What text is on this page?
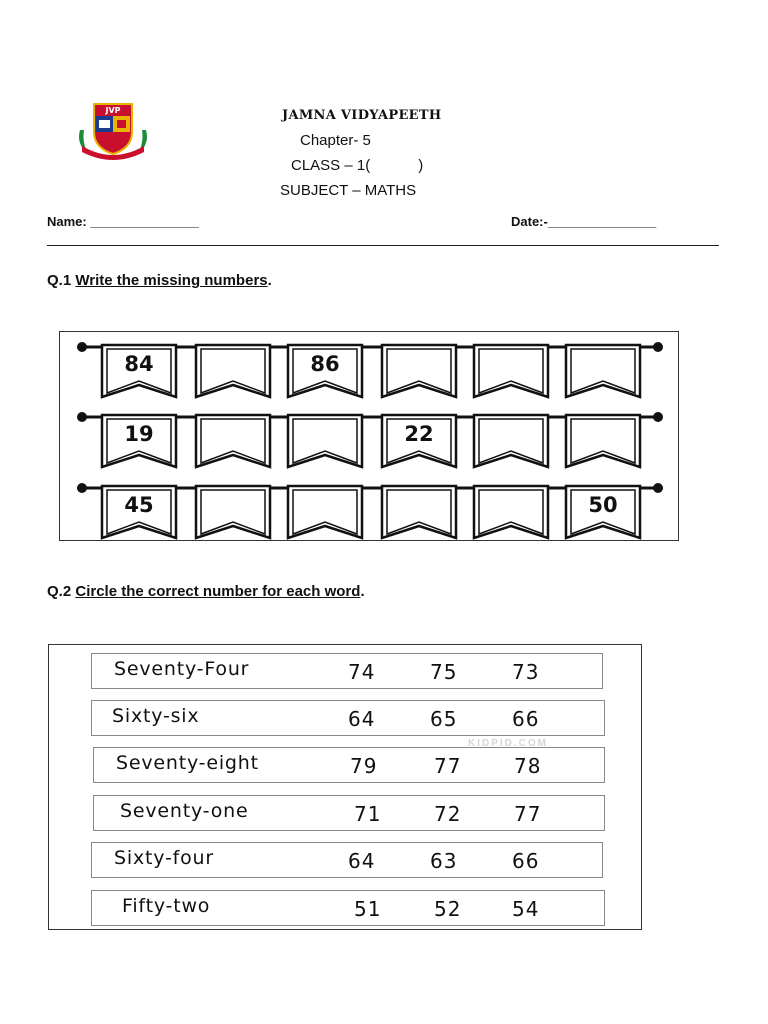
JVP	JAMNA VIDYAPEETH
Chapter- 5
CLASS – 1(	)
SUBJECT – MATHS
Name: _______________	Date:-_______________
Q.1 Write the missing numbers.
84	86
19	22
45	50
Q.2 Circle the correct number for each word.
Seventy-Four	74	75	73
Sixty-six	64	65	66
Seventy-eight	79	77	78
Seventy-one	71	72	77
Sixty-four	64	63	66
Fifty-two	51	52	54
KIDPID.COM
